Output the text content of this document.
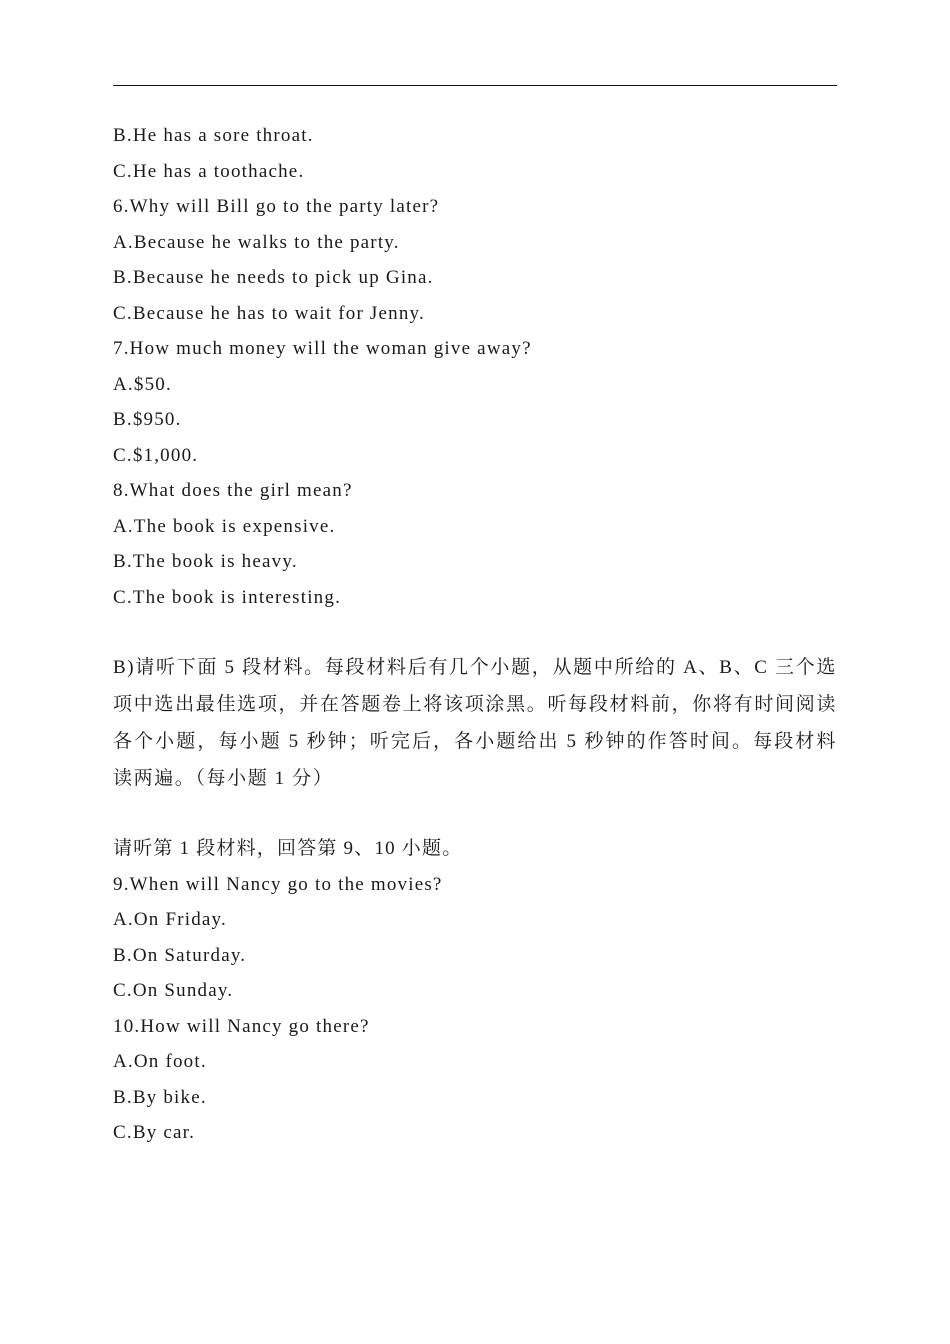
B.He has a sore throat.
C.He has a toothache.
6.Why will Bill go to the party later?
A.Because he walks to the party.
B.Because he needs to pick up Gina.
C.Because he has to wait for Jenny.
7.How much money will the woman give away?
A.$50.
B.$950.
C.$1,000.
8.What does the girl mean?
A.The book is expensive.
B.The book is heavy.
C.The book is interesting.
B)请听下面 5 段材料。每段材料后有几个小题，从题中所给的 A、B、C 三个选项中选出最佳选项，并在答题卷上将该项涂黑。听每段材料前，你将有时间阅读各个小题，每小题 5 秒钟；听完后，各小题给出 5 秒钟的作答时间。每段材料读两遍。（每小题 1 分）
请听第 1 段材料，回答第 9、10 小题。
9.When will Nancy go to the movies?
A.On Friday.
B.On Saturday.
C.On Sunday.
10.How will Nancy go there?
A.On foot.
B.By bike.
C.By car.
